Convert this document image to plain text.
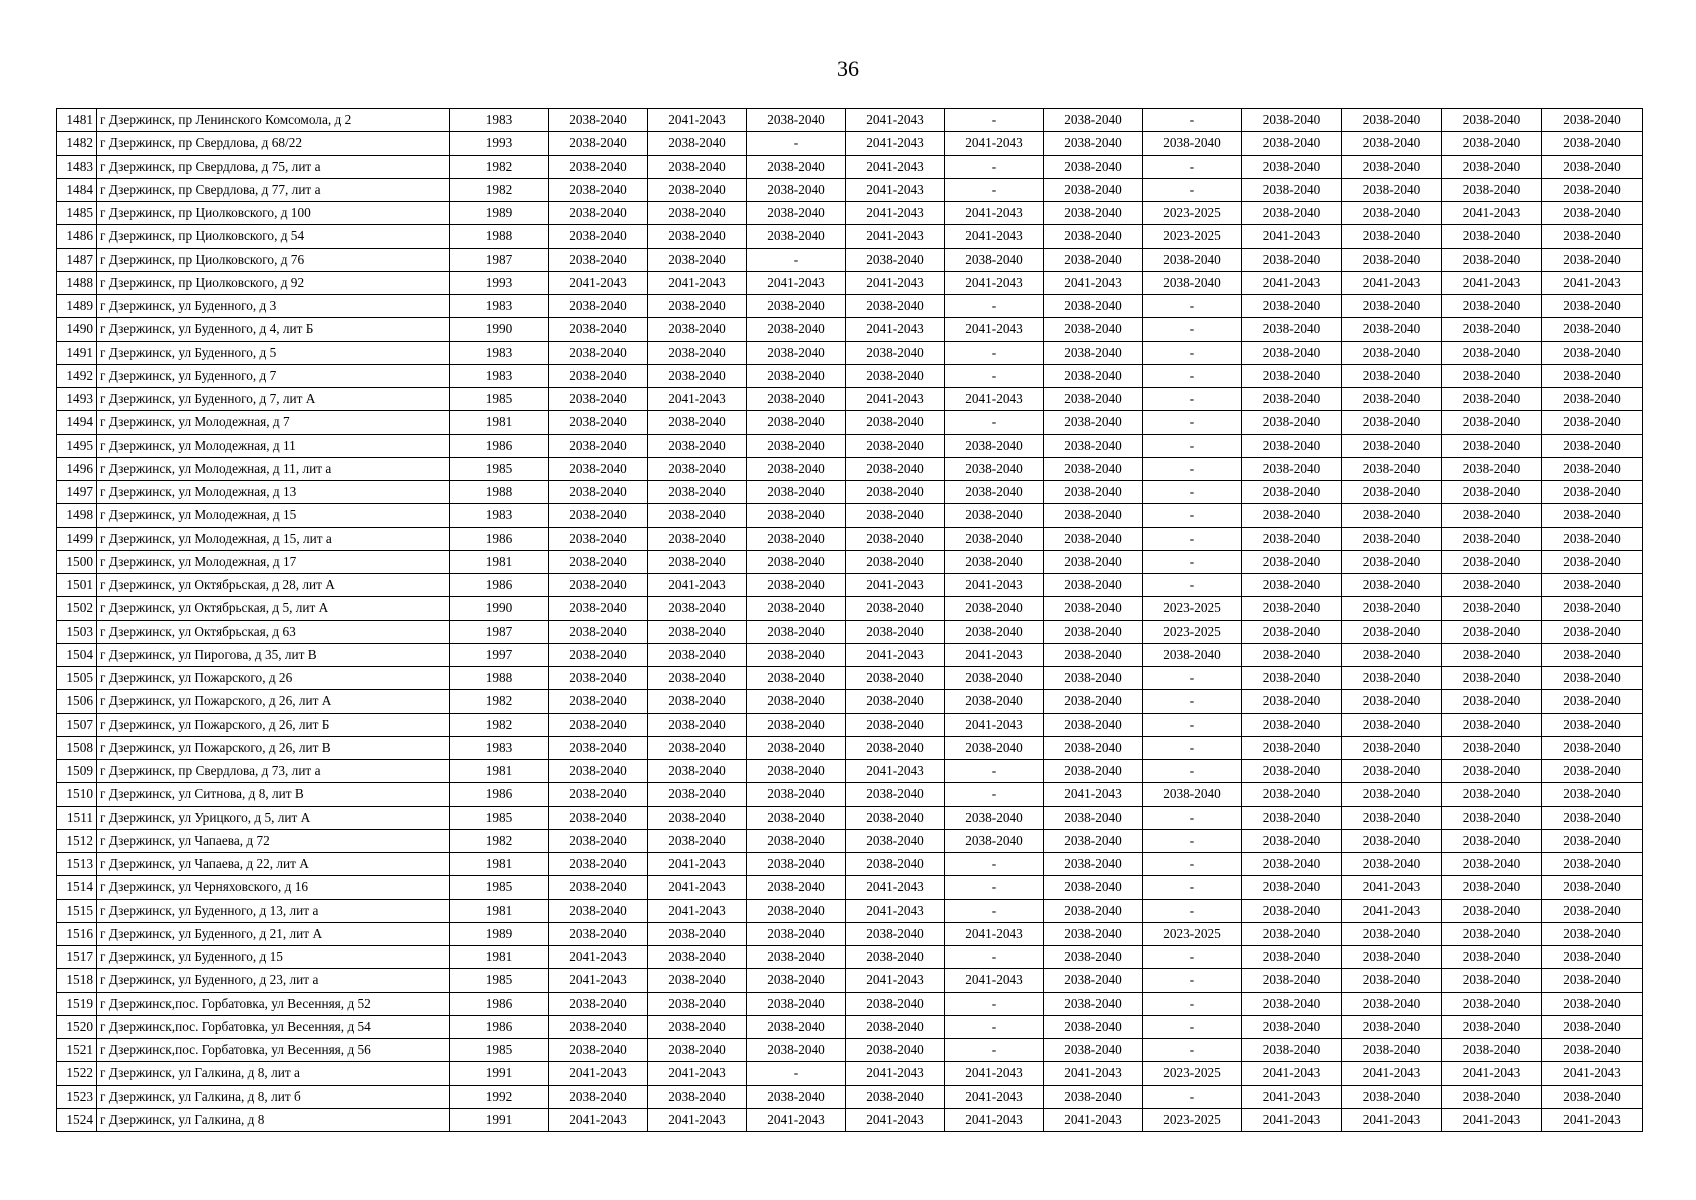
36
1481	г Дзержинск, пр Ленинского Комсомола, д 2	1983	2038-2040	2041-2043	2038-2040	2041-2043	-	2038-2040	-	2038-2040	2038-2040	2038-2040	2038-2040
1482	г Дзержинск, пр Свердлова, д 68/22	1993	2038-2040	2038-2040	-	2041-2043	2041-2043	2038-2040	2038-2040	2038-2040	2038-2040	2038-2040	2038-2040
1483	г Дзержинск, пр Свердлова, д 75, лит а	1982	2038-2040	2038-2040	2038-2040	2041-2043	-	2038-2040	-	2038-2040	2038-2040	2038-2040	2038-2040
1484	г Дзержинск, пр Свердлова, д 77, лит а	1982	2038-2040	2038-2040	2038-2040	2041-2043	-	2038-2040	-	2038-2040	2038-2040	2038-2040	2038-2040
1485	г Дзержинск, пр Циолковского, д 100	1989	2038-2040	2038-2040	2038-2040	2041-2043	2041-2043	2038-2040	2023-2025	2038-2040	2038-2040	2041-2043	2038-2040
1486	г Дзержинск, пр Циолковского, д 54	1988	2038-2040	2038-2040	2038-2040	2041-2043	2041-2043	2038-2040	2023-2025	2041-2043	2038-2040	2038-2040	2038-2040
1487	г Дзержинск, пр Циолковского, д 76	1987	2038-2040	2038-2040	-	2038-2040	2038-2040	2038-2040	2038-2040	2038-2040	2038-2040	2038-2040	2038-2040
1488	г Дзержинск, пр Циолковского, д 92	1993	2041-2043	2041-2043	2041-2043	2041-2043	2041-2043	2041-2043	2038-2040	2041-2043	2041-2043	2041-2043	2041-2043
1489	г Дзержинск, ул Буденного, д 3	1983	2038-2040	2038-2040	2038-2040	2038-2040	-	2038-2040	-	2038-2040	2038-2040	2038-2040	2038-2040
1490	г Дзержинск, ул Буденного, д 4, лит Б	1990	2038-2040	2038-2040	2038-2040	2041-2043	2041-2043	2038-2040	-	2038-2040	2038-2040	2038-2040	2038-2040
1491	г Дзержинск, ул Буденного, д 5	1983	2038-2040	2038-2040	2038-2040	2038-2040	-	2038-2040	-	2038-2040	2038-2040	2038-2040	2038-2040
1492	г Дзержинск, ул Буденного, д 7	1983	2038-2040	2038-2040	2038-2040	2038-2040	-	2038-2040	-	2038-2040	2038-2040	2038-2040	2038-2040
1493	г Дзержинск, ул Буденного, д 7, лит А	1985	2038-2040	2041-2043	2038-2040	2041-2043	2041-2043	2038-2040	-	2038-2040	2038-2040	2038-2040	2038-2040
1494	г Дзержинск, ул Молодежная, д 7	1981	2038-2040	2038-2040	2038-2040	2038-2040	-	2038-2040	-	2038-2040	2038-2040	2038-2040	2038-2040
1495	г Дзержинск, ул Молодежная, д 11	1986	2038-2040	2038-2040	2038-2040	2038-2040	2038-2040	2038-2040	-	2038-2040	2038-2040	2038-2040	2038-2040
1496	г Дзержинск, ул Молодежная, д 11, лит а	1985	2038-2040	2038-2040	2038-2040	2038-2040	2038-2040	2038-2040	-	2038-2040	2038-2040	2038-2040	2038-2040
1497	г Дзержинск, ул Молодежная, д 13	1988	2038-2040	2038-2040	2038-2040	2038-2040	2038-2040	2038-2040	-	2038-2040	2038-2040	2038-2040	2038-2040
1498	г Дзержинск, ул Молодежная, д 15	1983	2038-2040	2038-2040	2038-2040	2038-2040	2038-2040	2038-2040	-	2038-2040	2038-2040	2038-2040	2038-2040
1499	г Дзержинск, ул Молодежная, д 15, лит а	1986	2038-2040	2038-2040	2038-2040	2038-2040	2038-2040	2038-2040	-	2038-2040	2038-2040	2038-2040	2038-2040
1500	г Дзержинск, ул Молодежная, д 17	1981	2038-2040	2038-2040	2038-2040	2038-2040	2038-2040	2038-2040	-	2038-2040	2038-2040	2038-2040	2038-2040
1501	г Дзержинск, ул Октябрьская, д 28, лит А	1986	2038-2040	2041-2043	2038-2040	2041-2043	2041-2043	2038-2040	-	2038-2040	2038-2040	2038-2040	2038-2040
1502	г Дзержинск, ул Октябрьская, д 5, лит А	1990	2038-2040	2038-2040	2038-2040	2038-2040	2038-2040	2038-2040	2023-2025	2038-2040	2038-2040	2038-2040	2038-2040
1503	г Дзержинск, ул Октябрьская, д 63	1987	2038-2040	2038-2040	2038-2040	2038-2040	2038-2040	2038-2040	2023-2025	2038-2040	2038-2040	2038-2040	2038-2040
1504	г Дзержинск, ул Пирогова, д 35, лит В	1997	2038-2040	2038-2040	2038-2040	2041-2043	2041-2043	2038-2040	2038-2040	2038-2040	2038-2040	2038-2040	2038-2040
1505	г Дзержинск, ул Пожарского, д 26	1988	2038-2040	2038-2040	2038-2040	2038-2040	2038-2040	2038-2040	-	2038-2040	2038-2040	2038-2040	2038-2040
1506	г Дзержинск, ул Пожарского, д 26, лит А	1982	2038-2040	2038-2040	2038-2040	2038-2040	2038-2040	2038-2040	-	2038-2040	2038-2040	2038-2040	2038-2040
1507	г Дзержинск, ул Пожарского, д 26, лит Б	1982	2038-2040	2038-2040	2038-2040	2038-2040	2041-2043	2038-2040	-	2038-2040	2038-2040	2038-2040	2038-2040
1508	г Дзержинск, ул Пожарского, д 26, лит В	1983	2038-2040	2038-2040	2038-2040	2038-2040	2038-2040	2038-2040	-	2038-2040	2038-2040	2038-2040	2038-2040
1509	г Дзержинск, пр Свердлова, д 73, лит а	1981	2038-2040	2038-2040	2038-2040	2041-2043	-	2038-2040	-	2038-2040	2038-2040	2038-2040	2038-2040
1510	г Дзержинск, ул Ситнова, д 8, лит В	1986	2038-2040	2038-2040	2038-2040	2038-2040	-	2041-2043	2038-2040	2038-2040	2038-2040	2038-2040	2038-2040
1511	г Дзержинск, ул Урицкого, д 5, лит А	1985	2038-2040	2038-2040	2038-2040	2038-2040	2038-2040	2038-2040	-	2038-2040	2038-2040	2038-2040	2038-2040
1512	г Дзержинск, ул Чапаева, д 72	1982	2038-2040	2038-2040	2038-2040	2038-2040	2038-2040	2038-2040	-	2038-2040	2038-2040	2038-2040	2038-2040
1513	г Дзержинск, ул Чапаева, д 22, лит А	1981	2038-2040	2041-2043	2038-2040	2038-2040	-	2038-2040	-	2038-2040	2038-2040	2038-2040	2038-2040
1514	г Дзержинск, ул Черняховского, д 16	1985	2038-2040	2041-2043	2038-2040	2041-2043	-	2038-2040	-	2038-2040	2041-2043	2038-2040	2038-2040
1515	г Дзержинск, ул Буденного, д 13, лит а	1981	2038-2040	2041-2043	2038-2040	2041-2043	-	2038-2040	-	2038-2040	2041-2043	2038-2040	2038-2040
1516	г Дзержинск, ул Буденного, д 21, лит А	1989	2038-2040	2038-2040	2038-2040	2038-2040	2041-2043	2038-2040	2023-2025	2038-2040	2038-2040	2038-2040	2038-2040
1517	г Дзержинск, ул Буденного, д 15	1981	2041-2043	2038-2040	2038-2040	2038-2040	-	2038-2040	-	2038-2040	2038-2040	2038-2040	2038-2040
1518	г Дзержинск, ул Буденного, д 23, лит а	1985	2041-2043	2038-2040	2038-2040	2041-2043	2041-2043	2038-2040	-	2038-2040	2038-2040	2038-2040	2038-2040
1519	г Дзержинск,пос. Горбатовка, ул Весенняя, д 52	1986	2038-2040	2038-2040	2038-2040	2038-2040	-	2038-2040	-	2038-2040	2038-2040	2038-2040	2038-2040
1520	г Дзержинск,пос. Горбатовка, ул Весенняя, д 54	1986	2038-2040	2038-2040	2038-2040	2038-2040	-	2038-2040	-	2038-2040	2038-2040	2038-2040	2038-2040
1521	г Дзержинск,пос. Горбатовка, ул Весенняя, д 56	1985	2038-2040	2038-2040	2038-2040	2038-2040	-	2038-2040	-	2038-2040	2038-2040	2038-2040	2038-2040
1522	г Дзержинск, ул Галкина, д 8, лит а	1991	2041-2043	2041-2043	-	2041-2043	2041-2043	2041-2043	2023-2025	2041-2043	2041-2043	2041-2043	2041-2043
1523	г Дзержинск, ул Галкина, д 8, лит б	1992	2038-2040	2038-2040	2038-2040	2038-2040	2041-2043	2038-2040	-	2041-2043	2038-2040	2038-2040	2038-2040
1524	г Дзержинск, ул Галкина, д 8	1991	2041-2043	2041-2043	2041-2043	2041-2043	2041-2043	2041-2043	2023-2025	2041-2043	2041-2043	2041-2043	2041-2043
